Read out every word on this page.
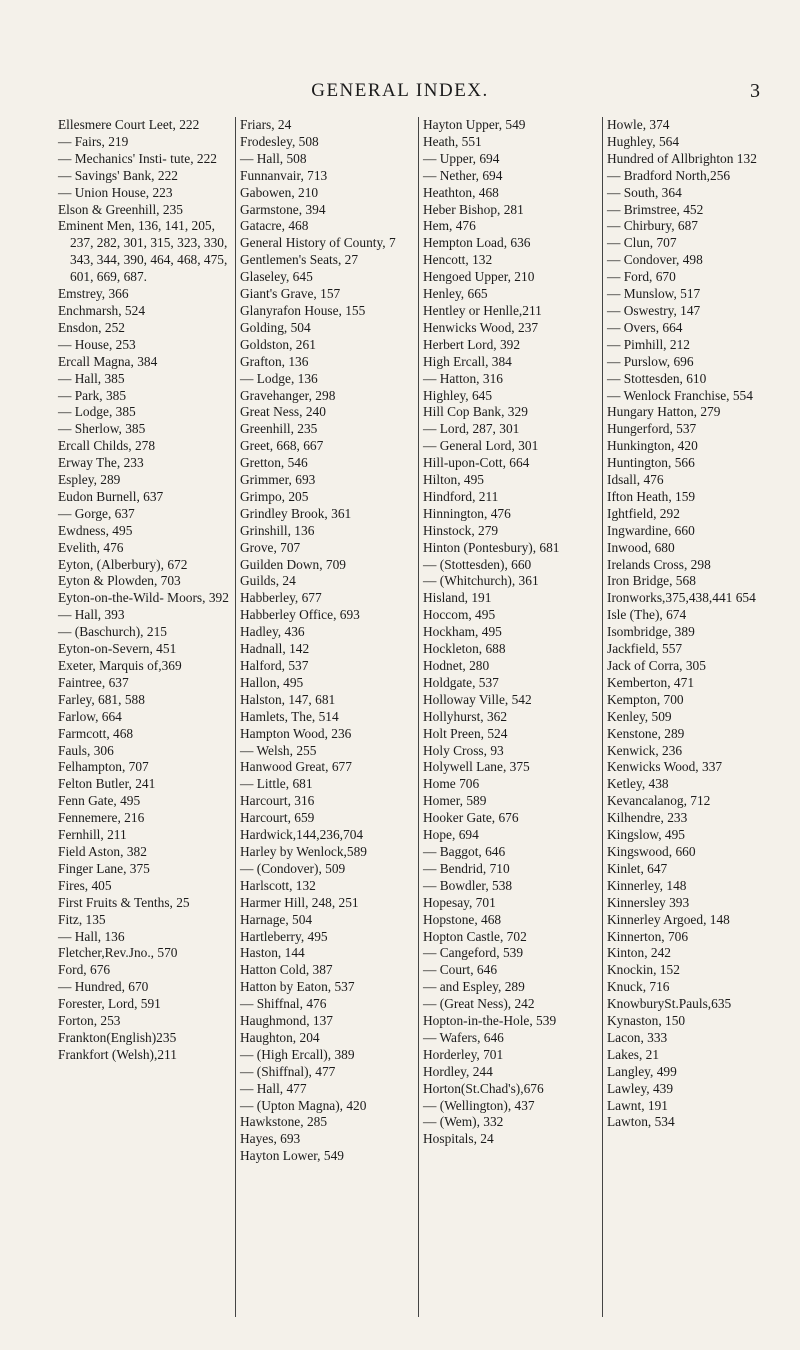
GENERAL INDEX.	3
Ellesmere Court Leet, 222
— Fairs, 219
— Mechanics' Insti- tute, 222
— Savings' Bank, 222
— Union House, 223
Elson & Greenhill, 235
Eminent Men, 136, 141, 205, 237, 282, 301, 315, 323, 330, 343, 344, 390, 464, 468, 475, 601, 669, 687.
Emstrey, 366
Enchmarsh, 524
Ensdon, 252
— House, 253
Ercall Magna, 384
— Hall, 385
— Park, 385
— Lodge, 385
— Sherlow, 385
Ercall Childs, 278
Erway The, 233
Espley, 289
Eudon Burnell, 637
— Gorge, 637
Ewdness, 495
Evelith, 476
Eyton, (Alberbury), 672
Eyton & Plowden, 703
Eyton-on-the-Wild- Moors, 392
— Hall, 393
— (Baschurch), 215
Eyton-on-Severn, 451
Exeter, Marquis of,369
Faintree, 637
Farley, 681, 588
Farlow, 664
Farmcott, 468
Fauls, 306
Felhampton, 707
Felton Butler, 241
Fenn Gate, 495
Fennemere, 216
Fernhill, 211
Field Aston, 382
Finger Lane, 375
Fires, 405
First Fruits & Tenths, 25
Fitz, 135
— Hall, 136
Fletcher,Rev.Jno., 570
Ford, 676
— Hundred, 670
Forester, Lord, 591
Forton, 253
Frankton(English)235
Frankfort (Welsh),211
Friars, 24
Frodesley, 508
— Hall, 508
Funnanvair, 713
Gabowen, 210
Garmstone, 394
Gatacre, 468
General History of County, 7
Gentlemen's Seats, 27
Glaseley, 645
Giant's Grave, 157
Glanyrafon House, 155
Golding, 504
Goldston, 261
Grafton, 136
— Lodge, 136
Gravehanger, 298
Great Ness, 240
Greenhill, 235
Greet, 668, 667
Gretton, 546
Grimmer, 693
Grimpo, 205
Grindley Brook, 361
Grinshill, 136
Grove, 707
Guilden Down, 709
Guilds, 24
Habberley, 677
Habberley Office, 693
Hadley, 436
Hadnall, 142
Halford, 537
Hallon, 495
Halston, 147, 681
Hamlets, The, 514
Hampton Wood, 236
— Welsh, 255
Hanwood Great, 677
— Little, 681
Harcourt, 316
Harcourt, 659
Hardwick,144,236,704
Harley by Wenlock,589
— (Condover), 509
Harlscott, 132
Harmer Hill, 248, 251
Harnage, 504
Hartleberry, 495
Haston, 144
Hatton Cold, 387
Hatton by Eaton, 537
— Shiffnal, 476
Haughmond, 137
Haughton, 204
— (High Ercall), 389
— (Shiffnal), 477
— Hall, 477
— (Upton Magna), 420
Hawkstone, 285
Hayes, 693
Hayton Lower, 549
Hayton Upper, 549
Heath, 551
— Upper, 694
— Nether, 694
Heathton, 468
Heber Bishop, 281
Hem, 476
Hempton Load, 636
Hencott, 132
Hengoed Upper, 210
Henley, 665
Hentley or Henlle,211
Henwicks Wood, 237
Herbert Lord, 392
High Ercall, 384
— Hatton, 316
Highley, 645
Hill Cop Bank, 329
— Lord, 287, 301
— General Lord, 301
Hill-upon-Cott, 664
Hilton, 495
Hindford, 211
Hinnington, 476
Hinstock, 279
Hinton (Pontesbury), 681
— (Stottesden), 660
— (Whitchurch), 361
Hisland, 191
Hoccom, 495
Hockham, 495
Hockleton, 688
Hodnet, 280
Holdgate, 537
Holloway Ville, 542
Hollyhurst, 362
Holt Preen, 524
Holy Cross, 93
Holywell Lane, 375
Home 706
Homer, 589
Hooker Gate, 676
Hope, 694
— Baggot, 646
— Bendrid, 710
— Bowdler, 538
Hopesay, 701
Hopstone, 468
Hopton Castle, 702
— Cangeford, 539
— Court, 646
— and Espley, 289
— (Great Ness), 242
Hopton-in-the-Hole, 539
— Wafers, 646
Horderley, 701
Hordley, 244
Horton(St.Chad's),676
— (Wellington), 437
— (Wem), 332
Hospitals, 24
Howle, 374
Hughley, 564
Hundred of Allbrighton 132
— Bradford North,256
— South, 364
— Brimstree, 452
— Chirbury, 687
— Clun, 707
— Condover, 498
— Ford, 670
— Munslow, 517
— Oswestry, 147
— Overs, 664
— Pimhill, 212
— Purslow, 696
— Stottesden, 610
— Wenlock Franchise, 554
Hungary Hatton, 279
Hungerford, 537
Hunkington, 420
Huntington, 566
Idsall, 476
Ifton Heath, 159
Ightfield, 292
Ingwardine, 660
Inwood, 680
Irelands Cross, 298
Iron Bridge, 568
Ironworks,375,438,441 654
Isle (The), 674
Isombridge, 389
Jackfield, 557
Jack of Corra, 305
Kemberton, 471
Kempton, 700
Kenley, 509
Kenstone, 289
Kenwick, 236
Kenwicks Wood, 337
Ketley, 438
Kevancalanog, 712
Kilhendre, 233
Kingslow, 495
Kingswood, 660
Kinlet, 647
Kinnerley, 148
Kinnersley 393
Kinnerley Argoed, 148
Kinnerton, 706
Kinton, 242
Knockin, 152
Knuck, 716
KnowburySt.Pauls,635
Kynaston, 150
Lacon, 333
Lakes, 21
Langley, 499
Lawley, 439
Lawnt, 191
Lawton, 534
